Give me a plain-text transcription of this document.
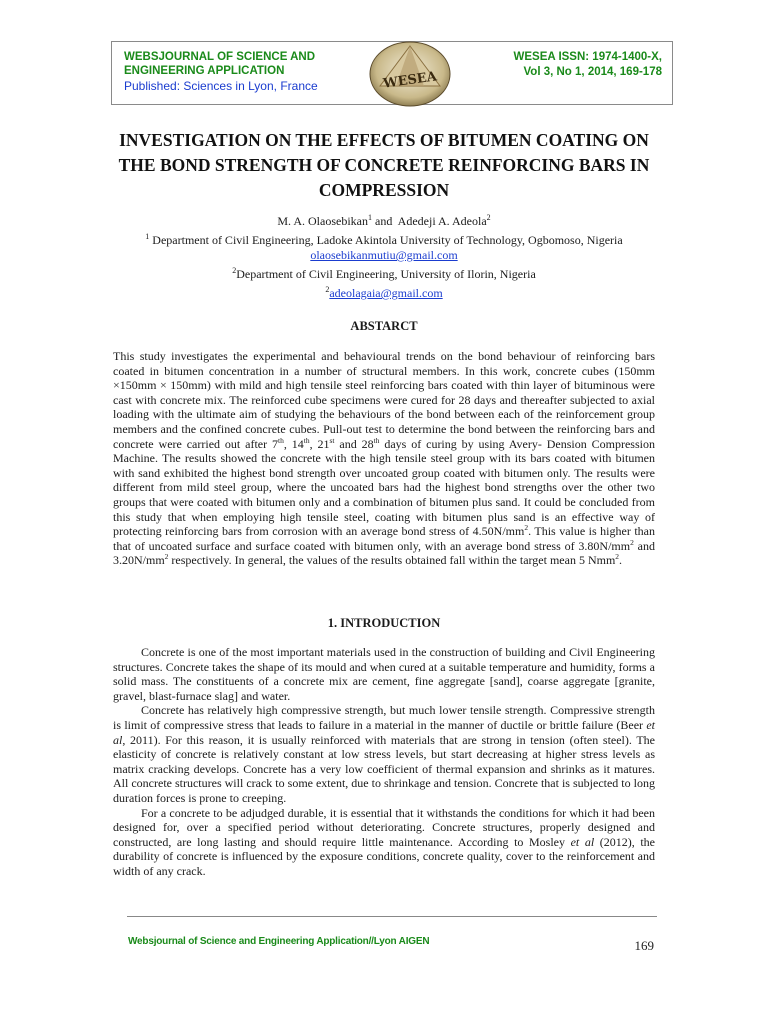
WEBSJOURNAL OF SCIENCE AND
ENGINEERING APPLICATION
Published: Sciences in Lyon, France	WESEA
WESEA ISSN: 1974-1400-X,
Vol 3, No 1, 2014, 169-178
INVESTIGATION ON THE EFFECTS OF BITUMEN COATING ON
THE BOND STRENGTH OF CONCRETE REINFORCING BARS IN
COMPRESSION
M. A. Olaosebikan$^1$ and  Adedeji A. Adeola$^2$
$^1$ Department of Civil Engineering, Ladoke Akintola University of Technology, Ogbomoso, Nigeria
olaosebikanmutiu@gmail.com
$^2$Department of Civil Engineering, University of Ilorin, Nigeria
$^2$adeolagaia@gmail.com
ABSTARCT

This study investigates the experimental and behavioural trends on the bond behaviour of reinforcing bars coated in bitumen concentration in a number of structural members. In this work, concrete cubes (150mm ×150mm × 150mm) with mild and high tensile steel reinforcing bars coated with thin layer of bituminous were cast with concrete mix. The reinforced cube specimens were cured for 28 days and thereafter subjected to axial loading with the ultimate aim of studying the behaviours of the bond between each of the reinforcement group members and the confined concrete cubes. Pull-out test to determine the bond between the reinforcing bars and concrete were carried out after 7th, 14th, 21st and 28th days of curing by using Avery- Dension Compression Machine. The results showed the concrete with the high tensile steel group with its bars coated with bitumen with sand exhibited the highest bond strength over uncoated group coated with bitumen only. The results were different from mild steel group, where the uncoated bars had the highest bond strengths over the other two groups that were coated with bitumen only and a combination of bitumen plus sand. It could be concluded from this study that when employing high tensile steel, coating with bitumen plus sand is an effective way of protecting reinforcing bars from corrosion with an average bond stress of $4.50N/mm^2$. This value is higher than that of uncoated surface and surface coated with bitumen only, with an average bond stress of $3.80N/mm^2$ and $3.20N/mm^2$ respectively. In general, the values of the results obtained fall within the target mean 5 Nmm$^2$.

1. INTRODUCTION

Concrete is one of the most important materials used in the construction of building and Civil Engineering structures. Concrete takes the shape of its mould and when cured at a suitable temperature and humidity, forms a solid mass. The constituents of a concrete mix are cement, fine aggregate [sand], coarse aggregate [granite, gravel, blast-furnace slag] and water.

Concrete has relatively high compressive strength, but much lower tensile strength. Compressive strength is limit of compressive stress that leads to failure in a material in the manner of ductile or brittle failure (Beer et al, 2011). For this reason, it is usually reinforced with materials that are strong in tension (often steel). The elasticity of concrete is relatively constant at low stress levels, but start decreasing at higher stress levels as matrix cracking develops. Concrete has a very low coefficient of thermal expansion and shrinks as it matures. All concrete structures will crack to some extent, due to shrinkage and tension. Concrete that is subjected to long duration forces is prone to creeping.

For a concrete to be adjudged durable, it is essential that it withstands the conditions for which it had been designed for, over a specified period without deteriorating. Concrete structures, properly designed and constructed, are long lasting and should require little maintenance. According to Mosley et al (2012), the durability of concrete is influenced by the exposure conditions, concrete quality, cover to the reinforcement and width of any crack.

Websjournal of Science and Engineering Application//Lyon AIGEN	169
